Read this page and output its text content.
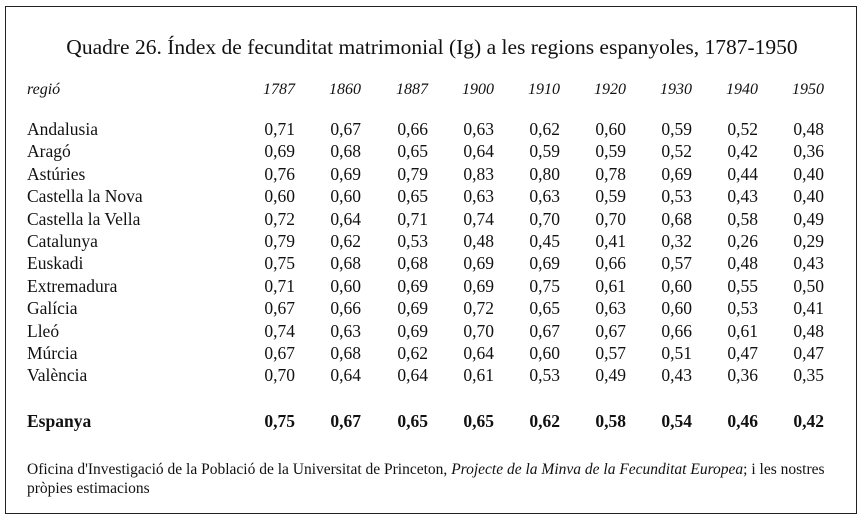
Quadre 26. Índex de fecunditat matrimonial (Ig) a les regions espanyoles, 1787-1950
regió	1787	1860	1887	1900	1910	1920	1930	1940	1950
Andalusia	0,71	0,67	0,66	0,63	0,62	0,60	0,59	0,52	0,48
Aragó	0,69	0,68	0,65	0,64	0,59	0,59	0,52	0,42	0,36
Astúries	0,76	0,69	0,79	0,83	0,80	0,78	0,69	0,44	0,40
Castella la Nova	0,60	0,60	0,65	0,63	0,63	0,59	0,53	0,43	0,40
Castella la Vella	0,72	0,64	0,71	0,74	0,70	0,70	0,68	0,58	0,49
Catalunya	0,79	0,62	0,53	0,48	0,45	0,41	0,32	0,26	0,29
Euskadi	0,75	0,68	0,68	0,69	0,69	0,66	0,57	0,48	0,43
Extremadura	0,71	0,60	0,69	0,69	0,75	0,61	0,60	0,55	0,50
Galícia	0,67	0,66	0,69	0,72	0,65	0,63	0,60	0,53	0,41
Lleó	0,74	0,63	0,69	0,70	0,67	0,67	0,66	0,61	0,48
Múrcia	0,67	0,68	0,62	0,64	0,60	0,57	0,51	0,47	0,47
València	0,70	0,64	0,64	0,61	0,53	0,49	0,43	0,36	0,35
Espanya	0,75	0,67	0,65	0,65	0,62	0,58	0,54	0,46	0,42
Oficina d'Investigació de la Població de la Universitat de Princeton, Projecte de la Minva de la Fecunditat Europea; i les nostres pròpies estimacions
